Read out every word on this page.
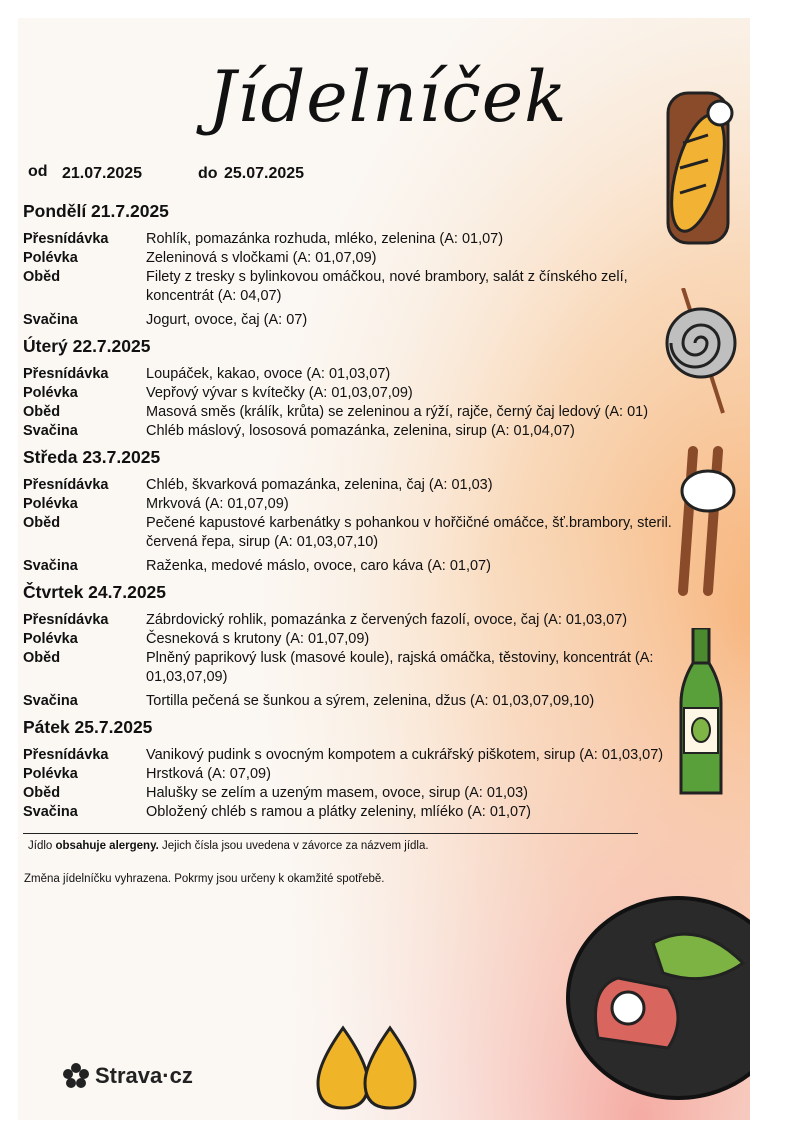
Jídelníček
od 21.07.2025	do 25.07.2025
Pondělí 21.7.2025
Přesnídávka	Rohlík, pomazánka rozhuda, mléko, zelenina (A: 01,07)
Polévka	Zeleninová s vločkami (A: 01,07,09)
Oběd	Filety z tresky s bylinkovou omáčkou, nové brambory, salát z čínského zelí, koncentrát (A: 04,07)
Svačina	Jogurt, ovoce, čaj (A: 07)
Úterý 22.7.2025
Přesnídávka	Loupáček, kakao, ovoce (A: 01,03,07)
Polévka	Vepřový vývar s kvítečky (A: 01,03,07,09)
Oběd	Masová směs (králík, krůta) se zeleninou a rýží, rajče, černý čaj ledový (A: 01)
Svačina	Chléb máslový, lososová pomazánka, zelenina, sirup (A: 01,04,07)
Středa 23.7.2025
Přesnídávka	Chléb, škvarková pomazánka, zelenina, čaj (A: 01,03)
Polévka	Mrkvová (A: 01,07,09)
Oběd	Pečené kapustové karbenátky s pohankou v hořčičné omáčce, šť.brambory, steril. červená řepa, sirup (A: 01,03,07,10)
Svačina	Raženka, medové máslo, ovoce, caro káva (A: 01,07)
Čtvrtek 24.7.2025
Přesnídávka	Zábrdovický rohlik, pomazánka z červených fazolí, ovoce, čaj (A: 01,03,07)
Polévka	Česneková s krutony (A: 01,07,09)
Oběd	Plněný paprikový lusk (masové koule), rajská omáčka, těstoviny, koncentrát (A: 01,03,07,09)
Svačina	Tortilla pečená se šunkou a sýrem, zelenina, džus (A: 01,03,07,09,10)
Pátek 25.7.2025
Přesnídávka	Vanikový pudink s ovocným kompotem a cukrářský piškotem, sirup (A: 01,03,07)
Polévka	Hrstková (A: 07,09)
Oběd	Halušky se zelím a uzeným masem, ovoce, sirup (A: 01,03)
Svačina	Obložený chléb s ramou a plátky zeleniny, mlíéko (A: 01,07)
Jídlo obsahuje alergeny. Jejich čísla jsou uvedena v závorce za názvem jídla.
Změna jídelníčku vyhrazena. Pokrmy jsou určeny k okamžité spotřebě.
Strava·cz
